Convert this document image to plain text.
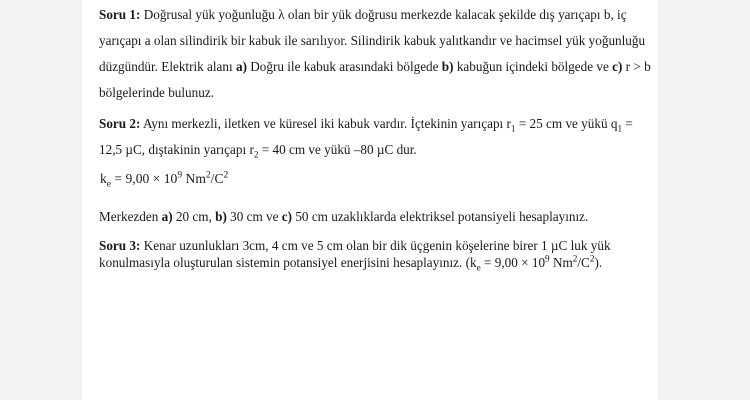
Soru 1: Doğrusal yük yoğunluğu λ olan bir yük doğrusu merkezde kalacak şekilde dış yarıçapı b, iç yarıçapı a olan silindirik bir kabuk ile sarılıyor. Silindirik kabuk yalıtkandır ve hacimsel yük yoğunluğu düzgündür. Elektrik alanı a) Doğru ile kabuk arasındaki bölgede b) kabuğun içindeki bölgede ve c) r > b bölgelerinde bulunuz.
Soru 2: Aynı merkezli, iletken ve küresel iki kabuk vardır. İçtekinin yarıçapı $r_1 = 25$ cm ve yükü $q_1 = 12,5$ µC, dıştakinin yarıçapı $r_2 = 40$ cm ve yükü –80 µC dur.
$k_e = 9,00 \times 10^9$ $Nm^2/C^2$
Merkezden a) 20 cm, b) 30 cm ve c) 50 cm uzaklıklarda elektriksel potansiyeli hesaplayınız.
Soru 3: Kenar uzunlukları 3cm, 4 cm ve 5 cm olan bir dik üçgenin köşelerine birer 1 µC luk yük konulmasıyla oluşturulan sistemin potansiyel enerjisini hesaplayınız. ($k_e = 9,00 \times 10^9$ $Nm^2/C^2$).
